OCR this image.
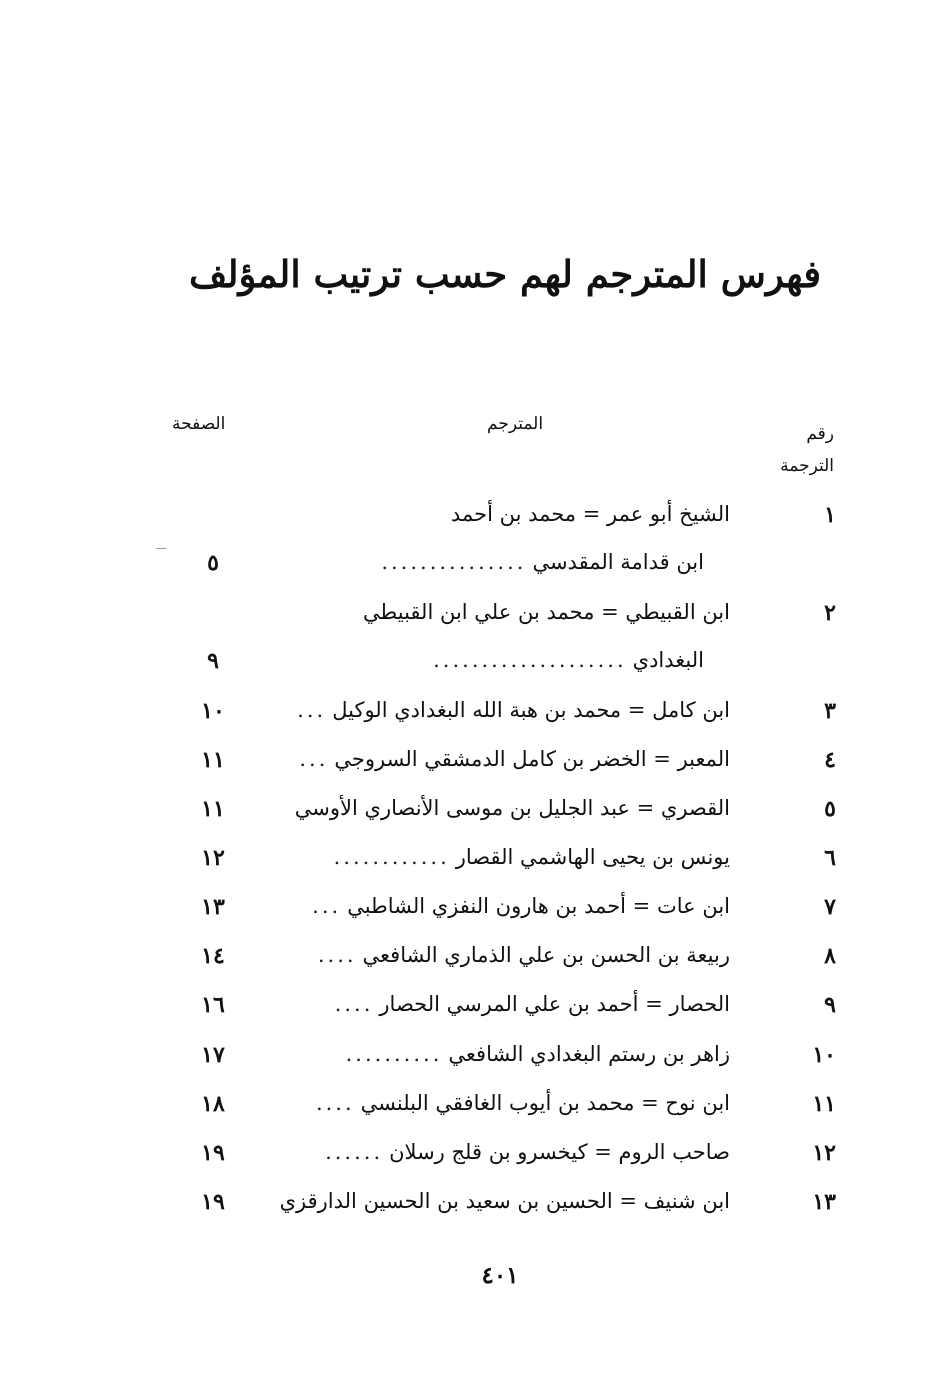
فهرس المترجم لهم حسب ترتيب المؤلف
رقم
الترجمة
المترجم
الصفحة
١
الشيخ أبو عمر = محمد بن أحمد
ابن قدامة المقدسي...............
٥
٢
ابن القبيطي = محمد بن علي ابن القبيطي
البغدادي....................
٩
٣
ابن كامل = محمد بن هبة الله البغدادي الوكيل...
١٠
٤
المعبر = الخضر بن كامل الدمشقي السروجي...
١١
٥
القصري = عبد الجليل بن موسى الأنصاري الأوسي
١١
٦
يونس بن يحيى الهاشمي القصار............
١٢
٧
ابن عات = أحمد بن هارون النفزي الشاطبي...
١٣
٨
ربيعة بن الحسن بن علي الذماري الشافعي....
١٤
٩
الحصار = أحمد بن علي المرسي الحصار....
١٦
١٠
زاهر بن رستم البغدادي الشافعي..........
١٧
١١
ابن نوح = محمد بن أيوب الغافقي البلنسي....
١٨
١٢
صاحب الروم = كيخسرو بن قلج رسلان......
١٩
١٣
ابن شنيف = الحسين بن سعيد بن الحسين الدارقزي
١٩
٤٠١
